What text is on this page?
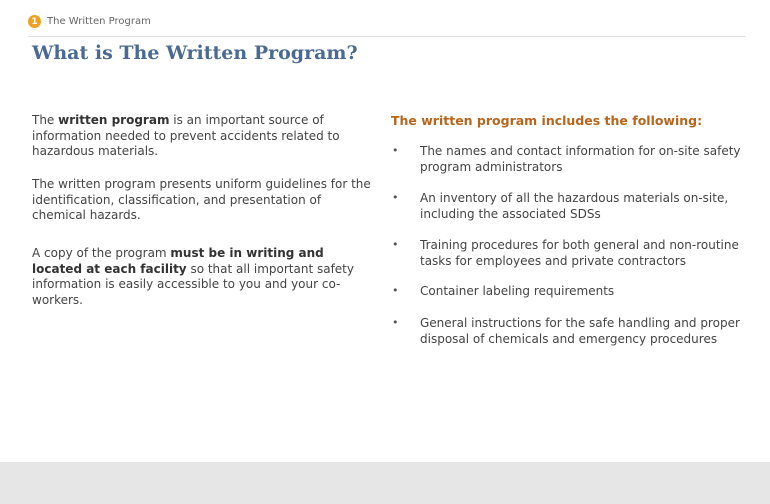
1 The Written Program
What is The Written Program?

The written program is an important source of information needed to prevent accidents related to hazardous materials.

The written program presents uniform guidelines for the identification, classification, and presentation of chemical hazards.

A copy of the program must be in writing and located at each facility so that all important safety information is easily accessible to you and your co-workers.

The written program includes the following:

•	The names and contact information for on-site safety program administrators
•	An inventory of all the hazardous materials on-site, including the associated SDSs
•	Training procedures for both general and non-routine tasks for employees and private contractors
•	Container labeling requirements
•	General instructions for the safe handling and proper disposal of chemicals and emergency procedures
